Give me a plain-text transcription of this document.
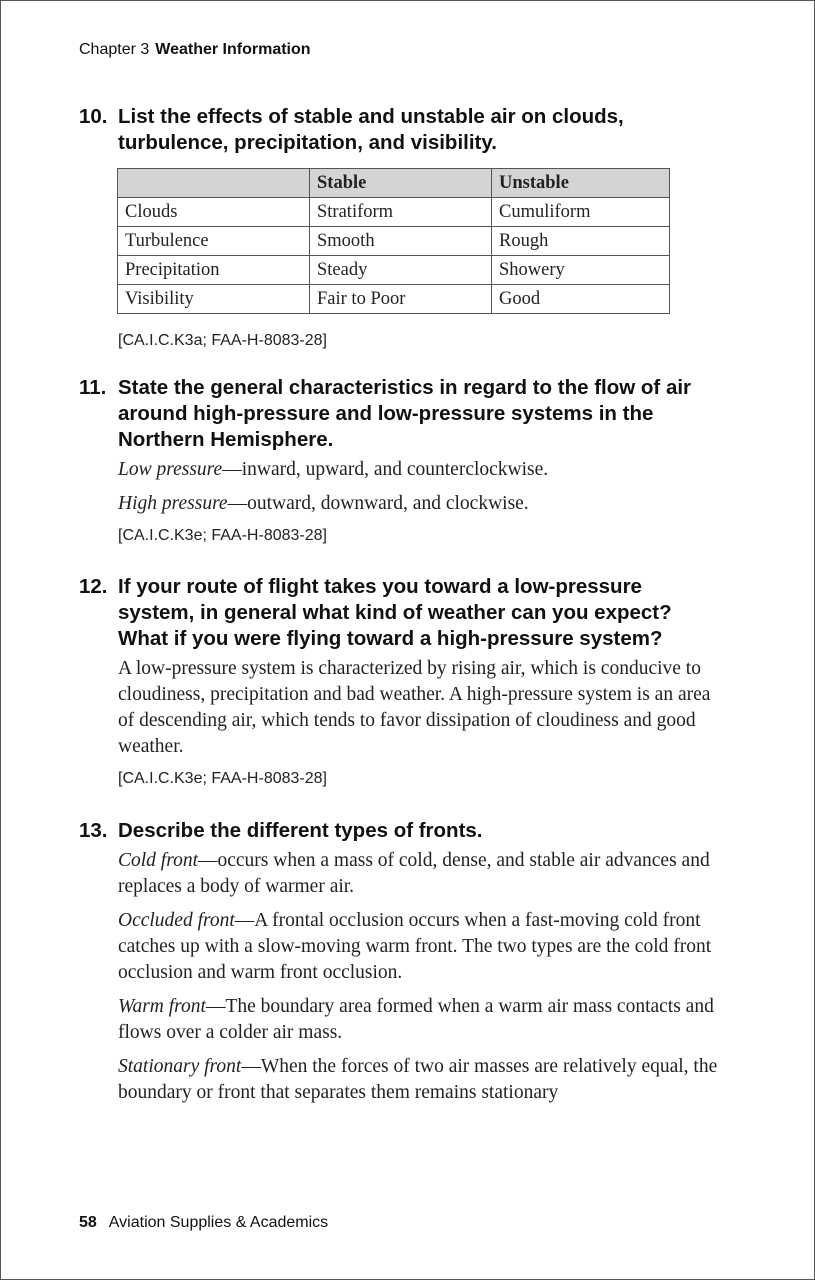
Chapter 3 Weather Information
10. List the effects of stable and unstable air on clouds, turbulence, precipitation, and visibility.
	Stable	Unstable
Clouds	Stratiform	Cumuliform
Turbulence	Smooth	Rough
Precipitation	Steady	Showery
Visibility	Fair to Poor	Good
[CA.I.C.K3a; FAA-H-8083-28]
11. State the general characteristics in regard to the flow of air around high-pressure and low-pressure systems in the Northern Hemisphere.
Low pressure—inward, upward, and counterclockwise.
High pressure—outward, downward, and clockwise.
[CA.I.C.K3e; FAA-H-8083-28]
12. If your route of flight takes you toward a low-pressure system, in general what kind of weather can you expect? What if you were flying toward a high-pressure system?
A low-pressure system is characterized by rising air, which is conducive to cloudiness, precipitation and bad weather. A high-pressure system is an area of descending air, which tends to favor dissipation of cloudiness and good weather.
[CA.I.C.K3e; FAA-H-8083-28]
13. Describe the different types of fronts.
Cold front—occurs when a mass of cold, dense, and stable air advances and replaces a body of warmer air.
Occluded front—A frontal occlusion occurs when a fast-moving cold front catches up with a slow-moving warm front. The two types are the cold front occlusion and warm front occlusion.
Warm front—The boundary area formed when a warm air mass contacts and flows over a colder air mass.
Stationary front—When the forces of two air masses are relatively equal, the boundary or front that separates them remains stationary
58 Aviation Supplies & Academics
